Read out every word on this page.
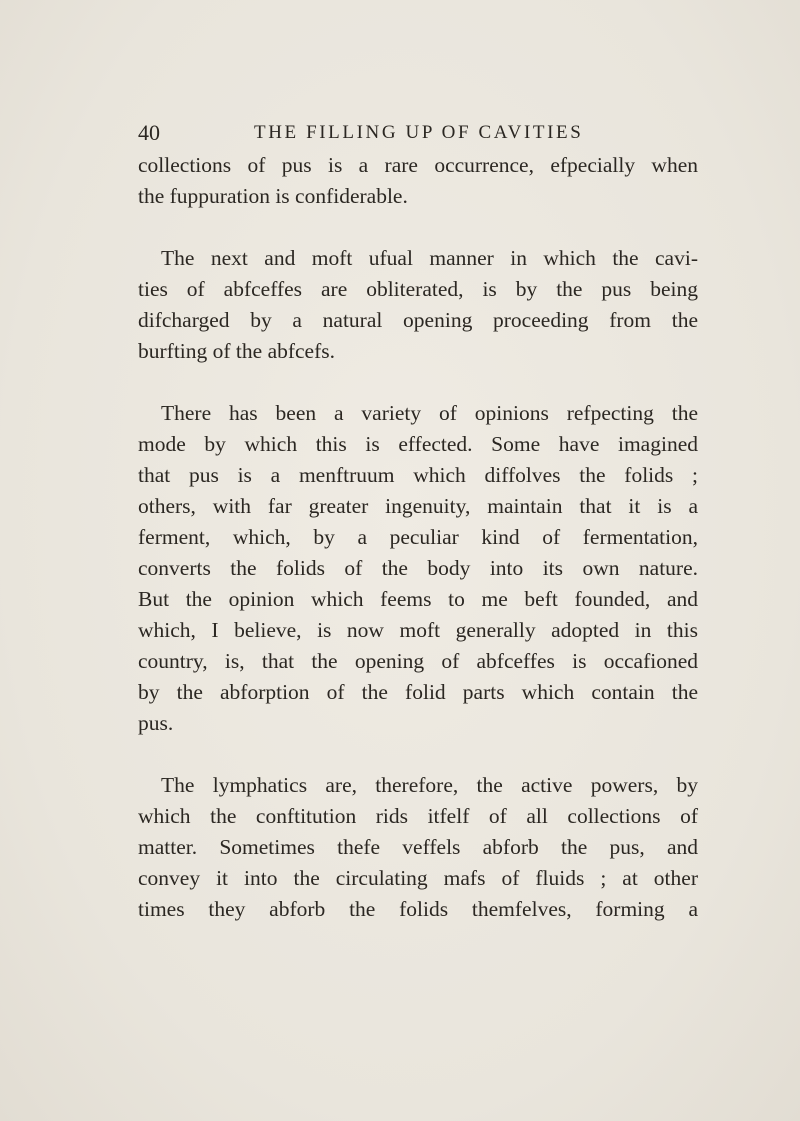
40	THE FILLING UP OF CAVITIES
collections of pus is a rare occurrence, efpecially when
the fuppuration is confiderable.
The next and moft ufual manner in which the cavi-
ties of abfceffes are obliterated, is by the pus being
difcharged by a natural opening proceeding from the
burfting of the abfcefs.
There has been a variety of opinions refpecting the
mode by which this is effected. Some have imagined
that pus is a menftruum which diffolves the folids ;
others, with far greater ingenuity, maintain that it is a
ferment, which, by a peculiar kind of fermentation,
converts the folids of the body into its own nature.
But the opinion which feems to me beft founded, and
which, I believe, is now moft generally adopted in this
country, is, that the opening of abfceffes is occafioned
by the abforption of the folid parts which contain the
pus.
The lymphatics are, therefore, the active powers, by
which the conftitution rids itfelf of all collections of
matter. Sometimes thefe veffels abforb the pus, and
convey it into the circulating mafs of fluids ; at other
times they abforb the folids themfelves, forming a
